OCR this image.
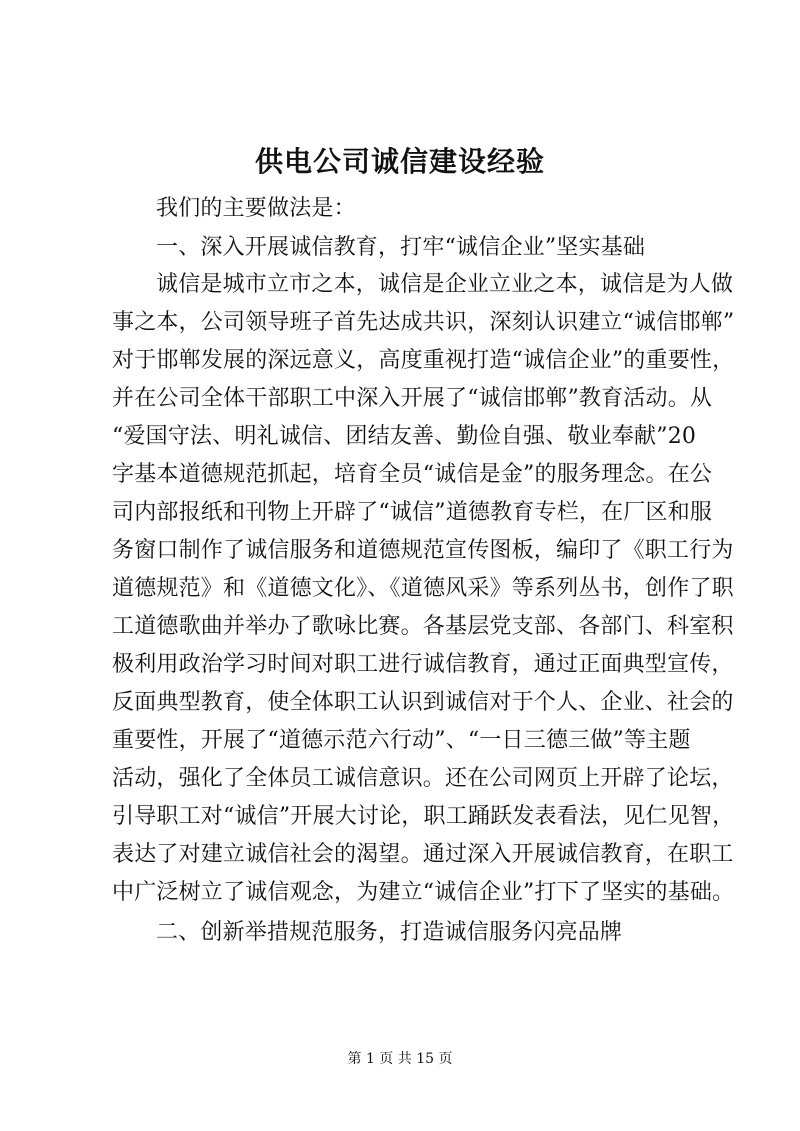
供电公司诚信建设经验
我们的主要做法是：
一、深入开展诚信教育，打牢“诚信企业”坚实基础
诚信是城市立市之本，诚信是企业立业之本，诚信是为人做
事之本，公司领导班子首先达成共识，深刻认识建立“诚信邯郸”
对于邯郸发展的深远意义，高度重视打造“诚信企业”的重要性，
并在公司全体干部职工中深入开展了“诚信邯郸”教育活动。从
“爱国守法、明礼诚信、团结友善、勤俭自强、敬业奉献”20
字基本道德规范抓起，培育全员“诚信是金”的服务理念。在公
司内部报纸和刊物上开辟了“诚信”道德教育专栏，在厂区和服
务窗口制作了诚信服务和道德规范宣传图板，编印了《职工行为
道德规范》和《道德文化》、《道德风采》等系列丛书，创作了职
工道德歌曲并举办了歌咏比赛。各基层党支部、各部门、科室积
极利用政治学习时间对职工进行诚信教育，通过正面典型宣传，
反面典型教育，使全体职工认识到诚信对于个人、企业、社会的
重要性，开展了“道德示范六行动”、“一日三德三做”等主题
活动，强化了全体员工诚信意识。还在公司网页上开辟了论坛，
引导职工对“诚信”开展大讨论，职工踊跃发表看法，见仁见智，
表达了对建立诚信社会的渴望。通过深入开展诚信教育，在职工
中广泛树立了诚信观念，为建立“诚信企业”打下了坚实的基础。
二、创新举措规范服务，打造诚信服务闪亮品牌
第 1 页 共 15 页
